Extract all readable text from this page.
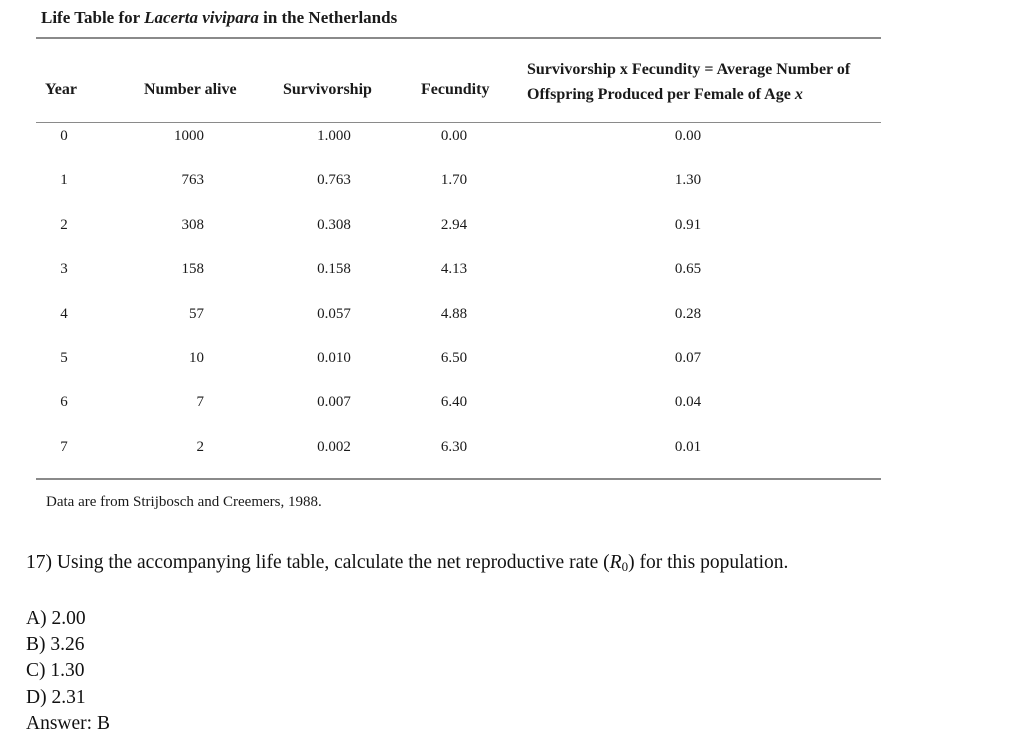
Life Table for Lacerta vivipara in the Netherlands
Year	Number alive	Survivorship	Fecundity
Survivorship x Fecundity = Average Number of
Offspring Produced per Female of Age x
0	1000	1.000	0.00	0.00
1	763	0.763	1.70	1.30
2	308	0.308	2.94	0.91
3	158	0.158	4.13	0.65
4	57	0.057	4.88	0.28
5	10	0.010	6.50	0.07
6	7	0.007	6.40	0.04
7	2	0.002	6.30	0.01
Data are from Strijbosch and Creemers, 1988.
17) Using the accompanying life table, calculate the net reproductive rate $(R_0)$ for this population.
A) 2.00
B) 3.26
C) 1.30
D) 2.31
Answer: B
